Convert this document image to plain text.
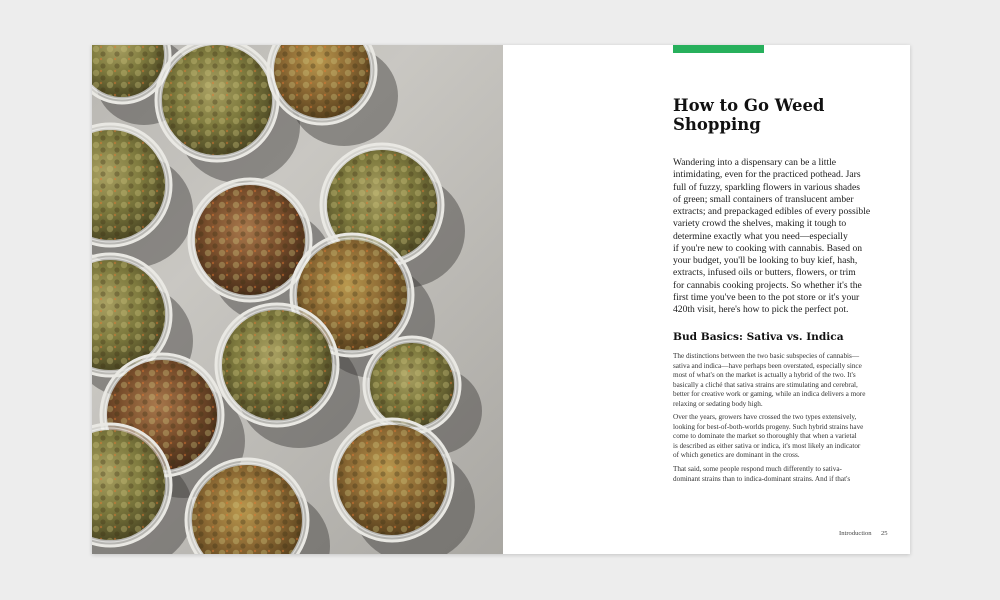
How to Go Weed
Shopping
Wandering into a dispensary can be a little
intimidating, even for the practiced pothead. Jars
full of fuzzy, sparkling flowers in various shades
of green; small containers of translucent amber
extracts; and prepackaged edibles of every possible
variety crowd the shelves, making it tough to
determine exactly what you need—especially
if you're new to cooking with cannabis. Based on
your budget, you'll be looking to buy kief, hash,
extracts, infused oils or butters, flowers, or trim
for cannabis cooking projects. So whether it's the
first time you've been to the pot store or it's your
420th visit, here's how to pick the perfect pot.
Bud Basics: Sativa vs. Indica

The distinctions between the two basic subspecies of cannabis—
sativa and indica—have perhaps been overstated, especially since
most of what's on the market is actually a hybrid of the two. It's
basically a cliché that sativa strains are stimulating and cerebral,
better for creative work or gaming, while an indica delivers a more
relaxing or sedating body high.

Over the years, growers have crossed the two types extensively,
looking for best-of-both-worlds progeny. Such hybrid strains have
come to dominate the market so thoroughly that when a varietal
is described as either sativa or indica, it's most likely an indicator
of which genetics are dominant in the cross.

That said, some people respond much differently to sativa-
dominant strains than to indica-dominant strains. And if that's

Introduction 25
